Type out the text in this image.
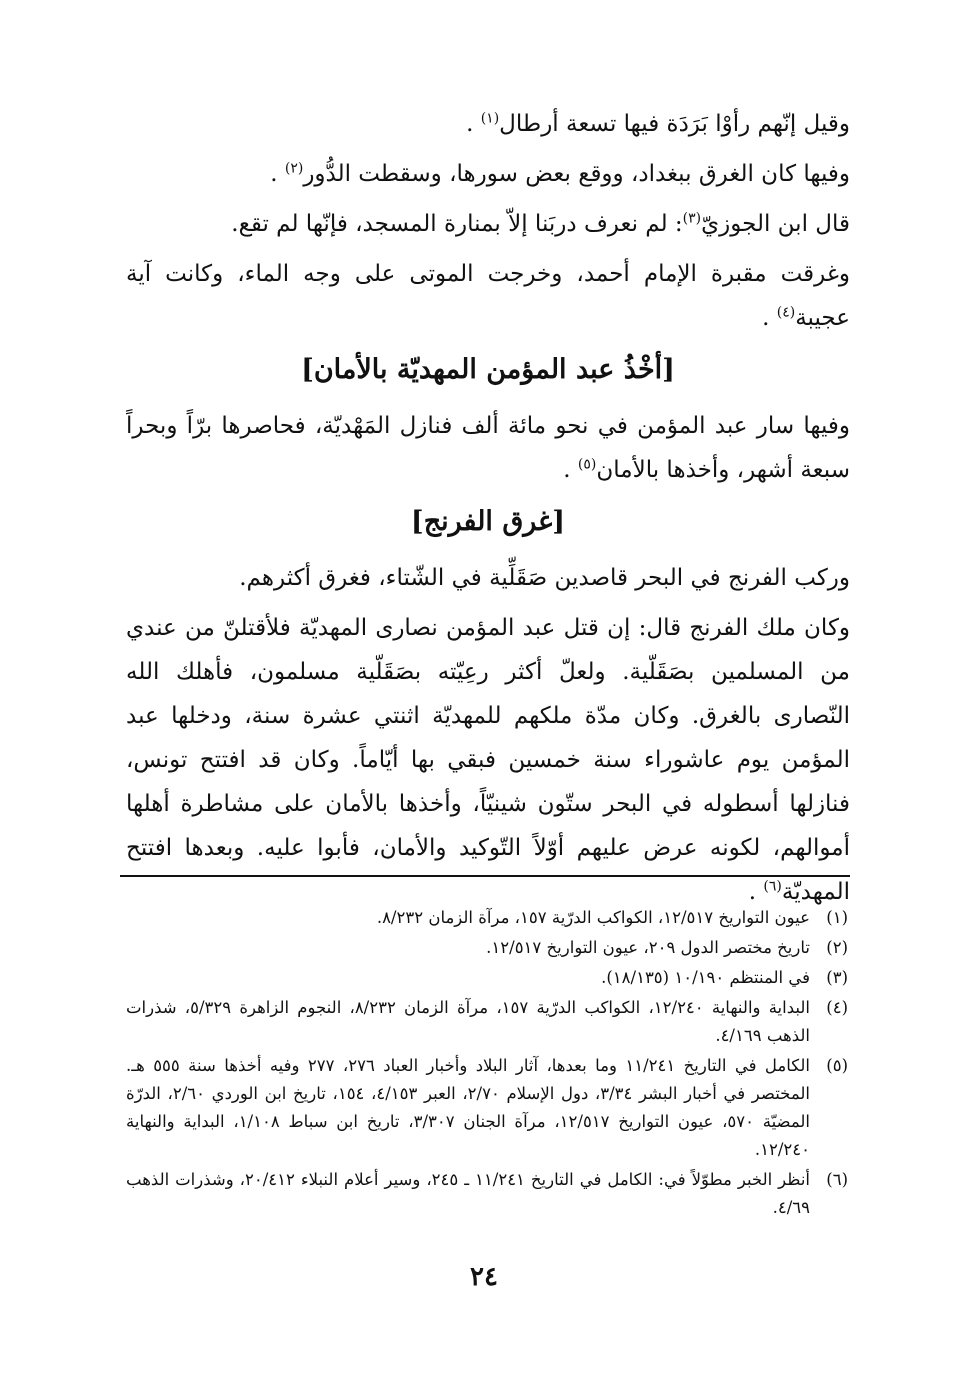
وقيل إنّهم رأوْا بَرَدَة فيها تسعة أرطال$^{(١)}$ .

وفيها كان الغرق ببغداد، ووقع بعض سورها، وسقطت الدُّور$^{(٢)}$ .

قال ابن الجوزيّ$^{(٣)}$: لم نعرف دربَنا إلاّ بمنارة المسجد، فإنّها لم تقع.

وغرقت مقبرة الإمام أحمد، وخرجت الموتى على وجه الماء، وكانت آية عجيبة$^{(٤)}$ .

[أخْذُ عبد المؤمن المهديّة بالأمان]

وفيها سار عبد المؤمن في نحو مائة ألف فنازل المَهْديّة، فحاصرها برّاً وبحراً سبعة أشهر، وأخذها بالأمان$^{(٥)}$ .

[غرق الفرنج]

وركب الفرنج في البحر قاصدين صَقَلِّية في الشّتاء، فغرق أكثرهم.

وكان ملك الفرنج قال: إن قتل عبد المؤمن نصارى المهديّة فلأقتلنّ من عندي من المسلمين بصَقَلّية. ولعلّ أكثر رعِيّته بصَقَلّية مسلمون، فأهلك الله النّصارى بالغرق. وكان مدّة ملكهم للمهديّة اثنتي عشرة سنة، ودخلها عبد المؤمن يوم عاشوراء سنة خمسين فبقي بها أيّاماً. وكان قد افتتح تونس، فنازلها أسطوله في البحر ستّون شينيّاً، وأخذها بالأمان على مشاطرة أهلها أموالهم، لكونه عرض عليهم أوّلاً التّوكيد والأمان، فأبوا عليه. وبعدها افتتح المهديّة$^{(٦)}$ .

(١)
عيون التواريخ ١٢/٥١٧، الكواكب الدرّية ١٥٧، مرآة الزمان ٨/٢٣٢.
(٢)
تاريخ مختصر الدول ٢٠٩، عيون التواريخ ١٢/٥١٧.
(٣)
في المنتظم ١٠/١٩٠ (١٨/١٣٥).
(٤)
البداية والنهاية ١٢/٢٤٠، الكواكب الدرّية ١٥٧، مرآة الزمان ٨/٢٣٢، النجوم الزاهرة ٥/٣٢٩، شذرات الذهب ٤/١٦٩.
(٥)
الكامل في التاريخ ١١/٢٤١ وما بعدها، آثار البلاد وأخبار العباد ٢٧٦، ٢٧٧ وفيه أخذها سنة ٥٥٥ هـ. المختصر في أخبار البشر ٣/٣٤، دول الإسلام ٢/٧٠، العبر ٤/١٥٣، ١٥٤، تاريخ ابن الوردي ٢/٦٠، الدرّة المضيّة ٥٧٠، عيون التواريخ ١٢/٥١٧، مرآة الجنان ٣/٣٠٧، تاريخ ابن سباط ١/١٠٨، البداية والنهاية ١٢/٢٤٠.
(٦)
أنظر الخبر مطوّلاً في: الكامل في التاريخ ١١/٢٤١ ـ ٢٤٥، وسير أعلام النبلاء ٢٠/٤١٢، وشذرات الذهب ٤/٦٩.
٢٤
